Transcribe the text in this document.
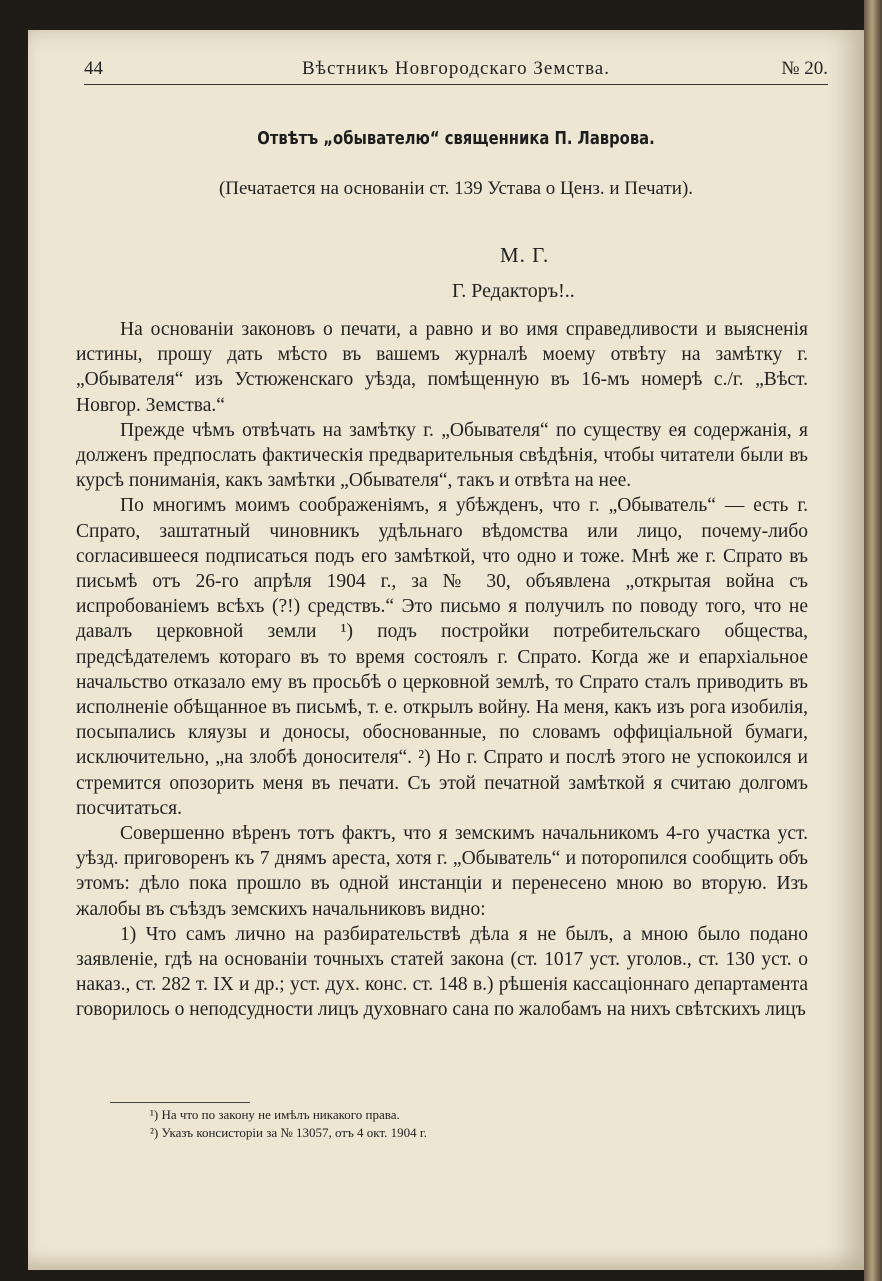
44	Вѣстникъ Новгородскаго Земства.	№ 20.
Отвѣтъ „обывателю“ священника П. Лаврова.
(Печатается на основаніи ст. 139 Устава о Ценз. и Печати).
М. Г.
Г. Редакторъ!..

На основаніи законовъ о печати, а равно и во имя справедливости и выясненія истины, прошу дать мѣсто въ вашемъ журналѣ моему отвѣту на замѣтку г. „Обывателя“ изъ Устюженскаго уѣзда, помѣщенную въ 16-мъ номерѣ с./г. „Вѣст. Новгор. Земства.“

Прежде чѣмъ отвѣчать на замѣтку г. „Обывателя“ по существу ея содержанія, я долженъ предпослать фактическія предварительныя свѣдѣнія, чтобы читатели были въ курсѣ пониманія, какъ замѣтки „Обывателя“, такъ и отвѣта на нее.

По многимъ моимъ соображеніямъ, я убѣжденъ, что г. „Обыватель“ — есть г. Спрато, заштатный чиновникъ удѣльнаго вѣдомства или лицо, почему-либо согласившееся подписаться подъ его замѣткой, что одно и тоже. Мнѣ же г. Спрато въ письмѣ отъ 26-го апрѣля 1904 г., за № 30, объявлена „открытая война съ испробованіемъ всѣхъ (?!) средствъ.“ Это письмо я получилъ по поводу того, что не давалъ церковной земли ¹) подъ постройки потребительскаго общества, предсѣдателемъ котораго въ то время состоялъ г. Спрато. Когда же и епархіальное начальство отказало ему въ просьбѣ о церковной землѣ, то Спрато сталъ приводить въ исполненіе обѣщанное въ письмѣ, т. е. открылъ войну. На меня, какъ изъ рога изобилія, посыпались кляузы и доносы, обоснованные, по словамъ оффиціальной бумаги, исключительно, „на злобѣ доносителя“. ²) Но г. Спрато и послѣ этого не успокоился и стремится опозорить меня въ печати. Съ этой печатной замѣткой я считаю долгомъ посчитаться.

Совершенно вѣренъ тотъ фактъ, что я земскимъ начальникомъ 4-го участка уст. уѣзд. приговоренъ къ 7 днямъ ареста, хотя г. „Обыватель“ и поторопился сообщить объ этомъ: дѣло пока прошло въ одной инстанціи и перенесено мною во вторую. Изъ жалобы въ съѣздъ земскихъ начальниковъ видно:

1) Что самъ лично на разбирательствѣ дѣла я не былъ, а мною было подано заявленіе, гдѣ на основаніи точныхъ статей закона (ст. 1017 уст. уголов., ст. 130 уст. о наказ., ст. 282 т. IX и др.; уст. дух. конс. ст. 148 в.) рѣшенія кассаціоннаго департамента говорилось о неподсудности лицъ духовнаго сана по жалобамъ на нихъ свѣтскихъ лицъ

¹) На что по закону не имѣлъ никакого права.
²) Указъ консисторіи за № 13057, отъ 4 окт. 1904 г.
